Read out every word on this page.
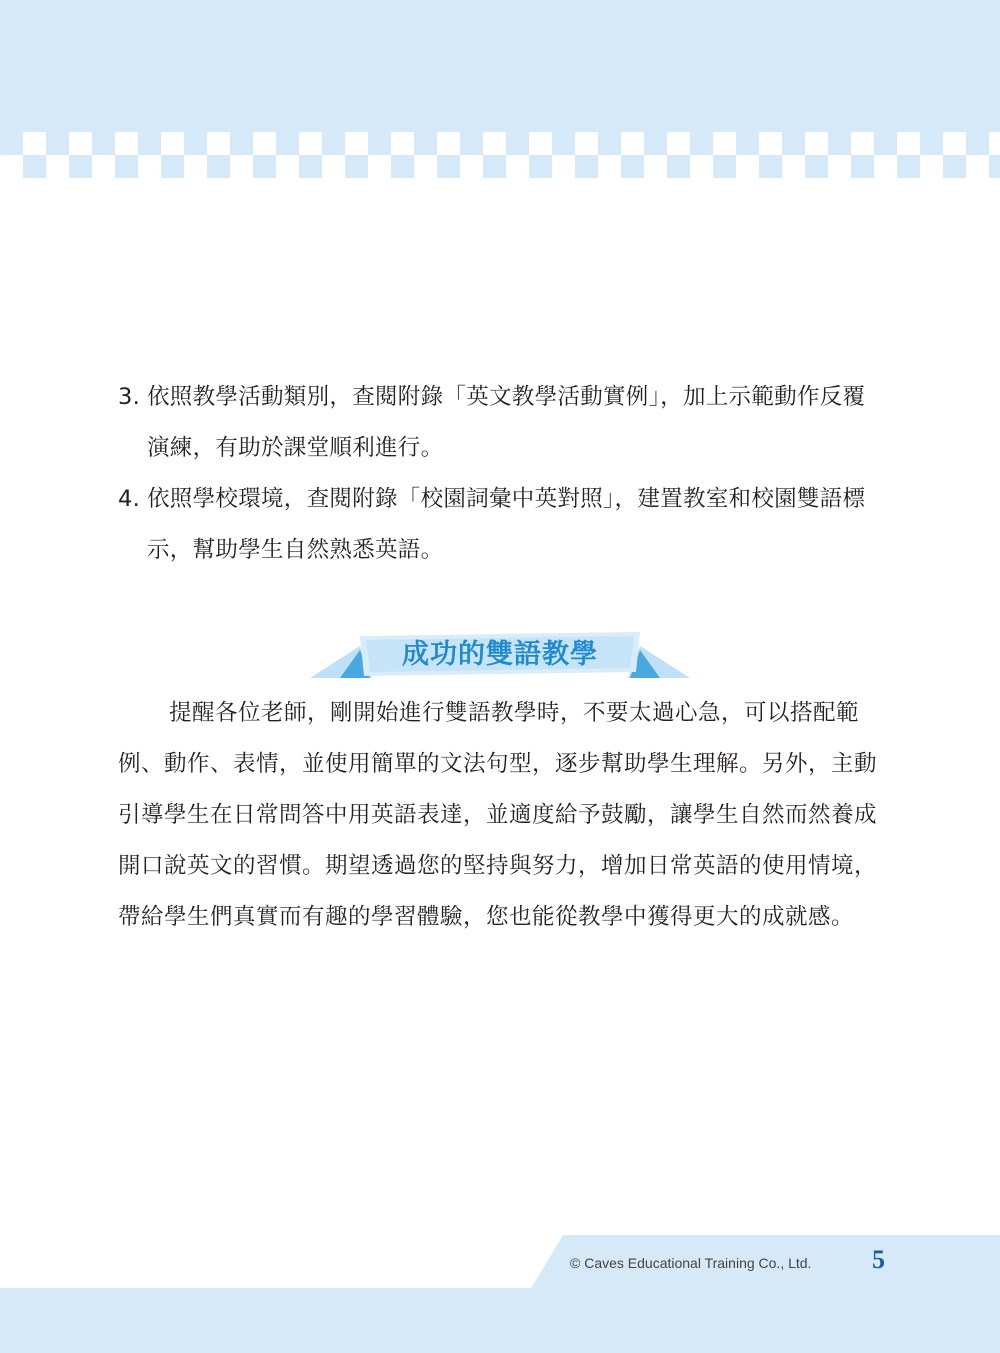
3. 依照教學活動類別，查閱附錄「英文教學活動實例」，加上示範動作反覆演練，有助於課堂順利進行。
4. 依照學校環境，查閱附錄「校園詞彙中英對照」，建置教室和校園雙語標示，幫助學生自然熟悉英語。
成功的雙語教學

提醒各位老師，剛開始進行雙語教學時，不要太過心急，可以搭配範例、動作、表情，並使用簡單的文法句型，逐步幫助學生理解。另外，主動引導學生在日常問答中用英語表達，並適度給予鼓勵，讓學生自然而然養成開口說英文的習慣。期望透過您的堅持與努力，增加日常英語的使用情境，帶給學生們真實而有趣的學習體驗，您也能從教學中獲得更大的成就感。

© Caves Educational Training Co., Ltd. 5
